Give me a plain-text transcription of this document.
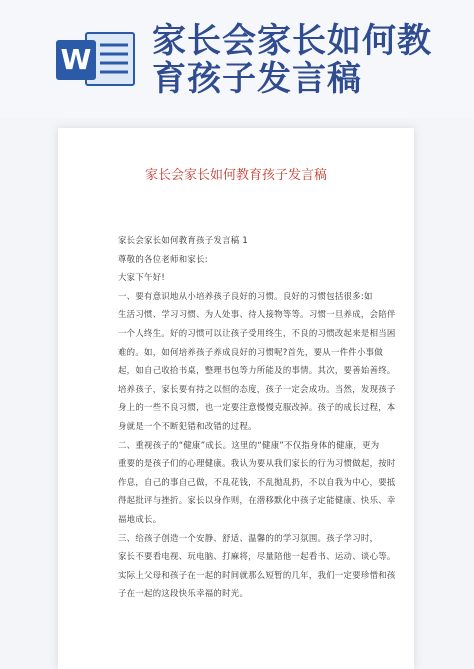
W 家长会家长如何教
育孩子发言稿
家长会家长如何教育孩子发言稿
家长会家长如何教育孩子发言稿 1
尊敬的各位老师和家长:
大家下午好!
一、要有意识地从小培养孩子良好的习惯。良好的习惯包括很多:如
生活习惯、学习习惯、为人处事、待人接物等等。习惯一旦养成，会陪伴
一个人终生。好的习惯可以让孩子受用终生，不良的习惯改起来是相当困
难的。如，如何培养孩子养成良好的习惯呢?首先，要从一件件小事做
起，如自己收拾书桌，整理书包等力所能及的事情。其次，要善始善终。
培养孩子，家长要有持之以恒的态度，孩子一定会成功。当然，发现孩子
身上的一些不良习惯，也一定要注意慢慢克服改掉。孩子的成长过程，本
身就是一个不断犯错和改错的过程。
二、重视孩子的“健康”成长。这里的“健康”不仅指身体的健康，更为
重要的是孩子们的心理健康。我认为要从我们家长的行为习惯做起，按时
作息，自己的事自己做，不乱花钱，不乱拋乱扔，不以自我为中心，要抵
得起批评与挫折。家长以身作则，在潜移默化中孩子定能健康、快乐、幸
福地成长。
三、给孩子创造一个安静、舒适、温馨的的学习氛围。孩子学习时，
家长不要看电视、玩电脑、打麻将，尽量陪他一起看书、运动、谈心等。
实际上父母和孩子在一起的时间就那么短暂的几年，我们一定要珍惜和孩
子在一起的这段快乐幸福的时光。
